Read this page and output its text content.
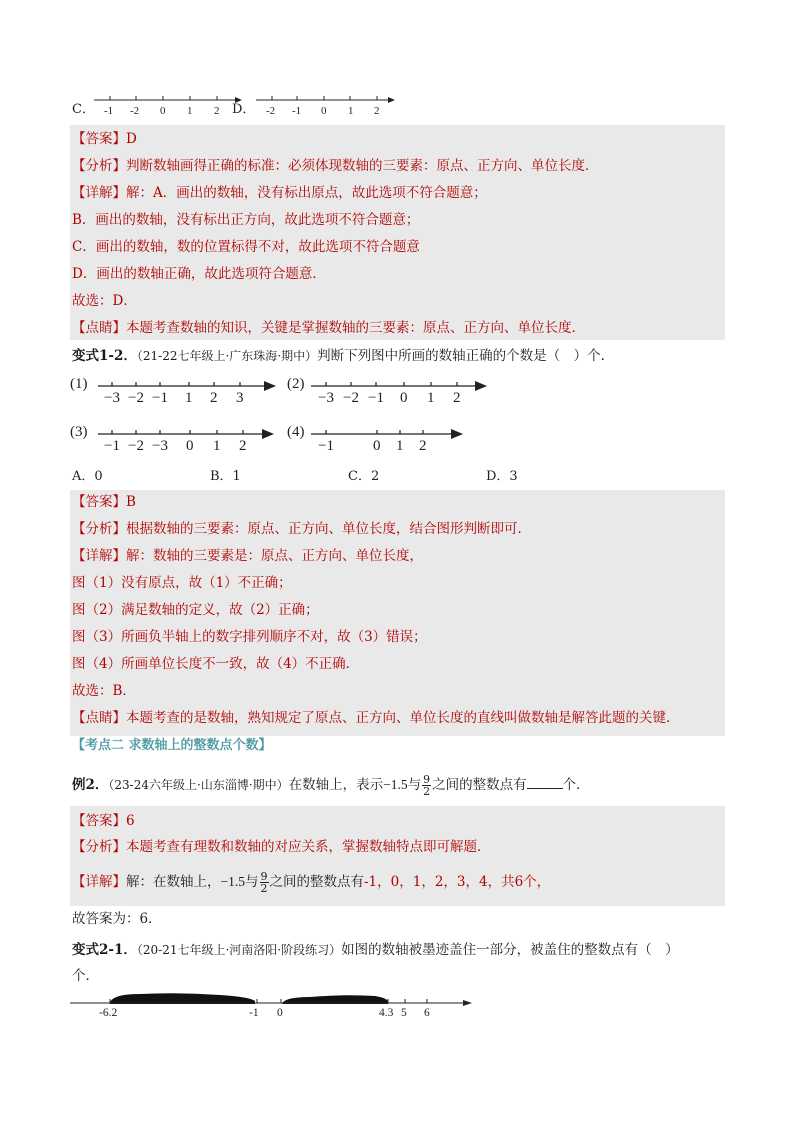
C． -1 -2 0 1 2 D． -2 -1 0 1 2
【答案】D
【分析】判断数轴画得正确的标准：必须体现数轴的三要素：原点、正方向、单位长度．
【详解】解：A．画出的数轴，没有标出原点，故此选项不符合题意；
B．画出的数轴，没有标出正方向，故此选项不符合题意；
C．画出的数轴，数的位置标得不对，故此选项不符合题意
D．画出的数轴正确，故此选项符合题意．
故选：D．
【点睛】本题考查数轴的知识，关键是掌握数轴的三要素：原点、正方向、单位长度．
变式1-2．（21-22七年级上·广东珠海·期中）判断下列图中所画的数轴正确的个数是（　）个．
(1)
−3 −2 −1 1 2 3
(2)
−3 −2 −1 0 1 2
(3)
−1 −2 −3 0 1 2
(4)
−1	0 1 2
A．0	B．1	C．2	D．3
【答案】B
【分析】根据数轴的三要素：原点、正方向、单位长度，结合图形判断即可．
【详解】解：数轴的三要素是：原点、正方向、单位长度，
图（1）没有原点，故（1）不正确；
图（2）满足数轴的定义，故（2）正确；
图（3）所画负半轴上的数字排列顺序不对，故（3）错误；
图（4）所画单位长度不一致，故（4）不正确．
故选：B．
【点睛】本题考查的是数轴，熟知规定了原点、正方向、单位长度的直线叫做数轴是解答此题的关键．
【考点二 求数轴上的整数点个数】
例2．（23-24六年级上·山东淄博·期中）在数轴上，表示−1.5与 $\frac{9}{2}$ 之间的整数点有	个．
【答案】6
【分析】本题考查有理数和数轴的对应关系，掌握数轴特点即可解题．
【详解】解：在数轴上，−1.5与 $\frac{9}{2}$ 之间的整数点有-1，0，1，2，3，4，共6个，
故答案为：6．
变式2-1．（20-21七年级上·河南洛阳·阶段练习）如图的数轴被墨迹盖住一部分，被盖住的整数点有（　）
个．
-6.2	-1 0	4.3 5 6
